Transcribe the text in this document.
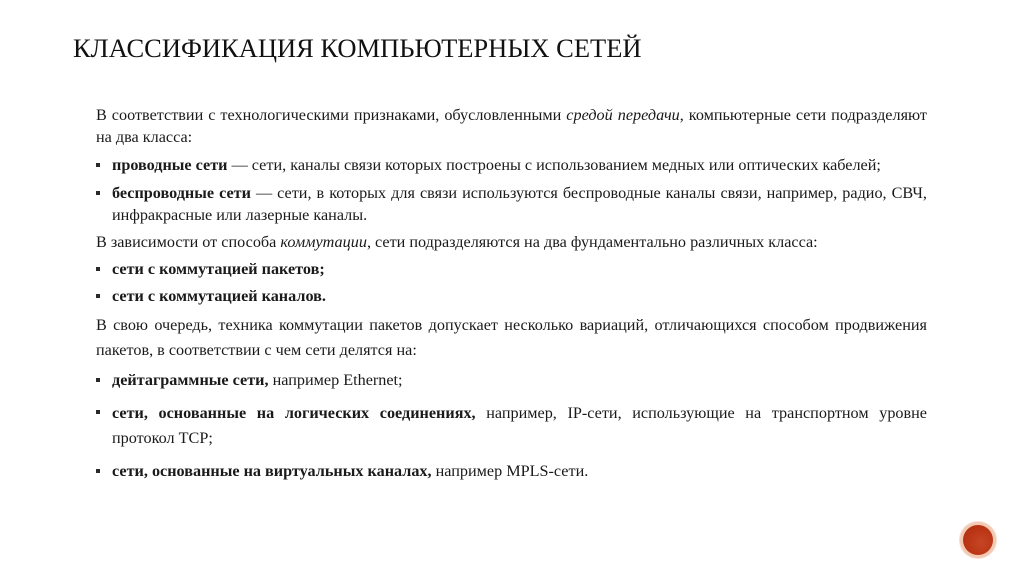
КЛАССИФИКАЦИЯ КОМПЬЮТЕРНЫХ СЕТЕЙ

В соответствии с технологическими признаками, обусловленными средой передачи, компьютерные сети подразделяют на два класса:

проводные сети — сети, каналы связи которых построены с использованием медных или оптических кабелей;

беспроводные сети — сети, в которых для связи используются беспроводные каналы связи, например, радио, СВЧ, инфракрасные или лазерные каналы.

В зависимости от способа коммутации, сети подразделяются на два фундаментально различных класса:

сети с коммутацией пакетов;

сети с коммутацией каналов.

В свою очередь, техника коммутации пакетов допускает несколько вариаций, отличающихся способом продвижения пакетов, в соответствии с чем сети делятся на:

дейтаграммные сети, например Ethernet;

сети, основанные на логических соединениях, например, IP-сети, использующие на транспортном уровне протокол TCP;

сети, основанные на виртуальных каналах, например MPLS-сети.
